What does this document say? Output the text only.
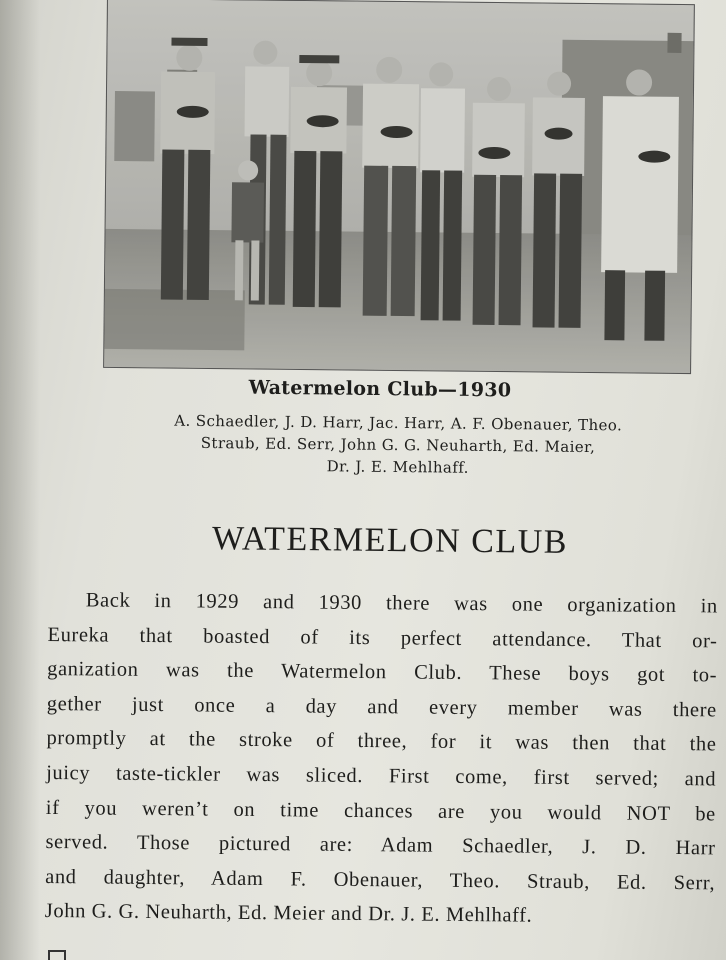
Watermelon Club—1930
A. Schaedler, J. D. Harr, Jac. Harr, A. F. Obenauer, Theo.
Straub, Ed. Serr, John G. G. Neuharth, Ed. Maier,
Dr. J. E. Mehlhaff.
WATERMELON CLUB
Back in 1929 and 1930 there was one organization in
Eureka that boasted of its perfect attendance. That or-
ganization was the Watermelon Club. These boys got to-
gether just once a day and every member was there
promptly at the stroke of three, for it was then that the
juicy taste-tickler was sliced. First come, first served; and
if you weren’t on time chances are you would NOT be
served. Those pictured are: Adam Schaedler, J. D. Harr
and daughter, Adam F. Obenauer, Theo. Straub, Ed. Serr,
John G. G. Neuharth, Ed. Meier and Dr. J. E. Mehlhaff.
